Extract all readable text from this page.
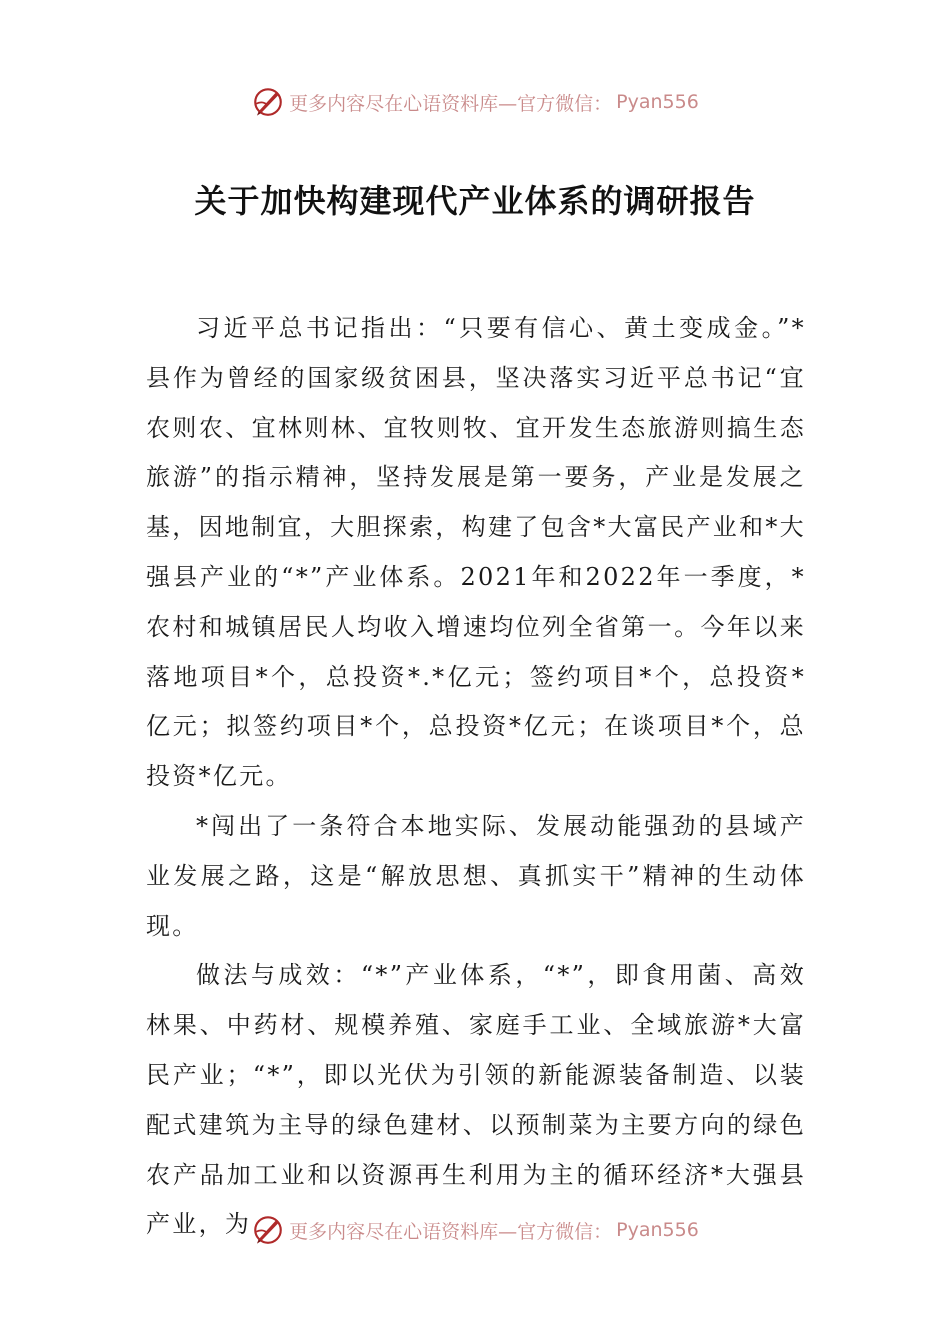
更多内容尽在心语资料库—官方微信： Pyan556
关于加快构建现代产业体系的调研报告

习近平总书记指出：“只要有信心、黄土变成金。”*县作为曾经的国家级贫困县，坚决落实习近平总书记“宜农则农、宜林则林、宜牧则牧、宜开发生态旅游则搞生态旅游”的指示精神，坚持发展是第一要务，产业是发展之基，因地制宜，大胆探索，构建了包含*大富民产业和*大强县产业的“*”产业体系。2021年和2022年一季度，*农村和城镇居民人均收入增速均位列全省第一。今年以来落地项目*个，总投资*.*亿元；签约项目*个，总投资*亿元；拟签约项目*个，总投资*亿元；在谈项目*个，总投资*亿元。

*闯出了一条符合本地实际、发展动能强劲的县域产业发展之路，这是“解放思想、真抓实干”精神的生动体现。

做法与成效：“*”产业体系，“*”，即食用菌、高效林果、中药材、规模养殖、家庭手工业、全域旅游*大富民产业；“*”，即以光伏为引领的新能源装备制造、以装配式建筑为主导的绿色建材、以预制菜为主要方向的绿色农产品加工业和以资源再生利用为主的循环经济*大强县产业，为	更多内容尽在心语资料库—官方微信： Pyan556
